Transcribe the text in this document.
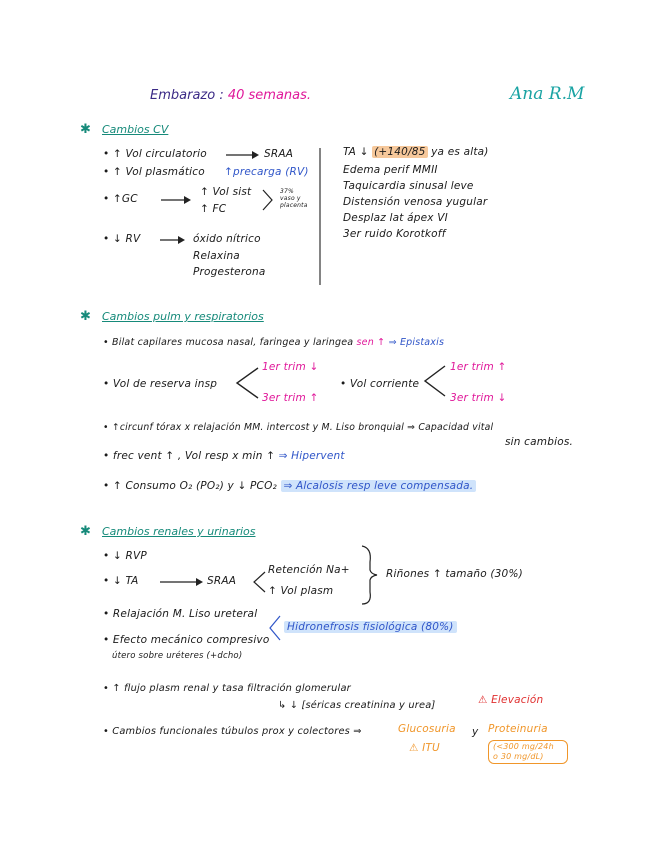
Embarazo : 40 semanas.	Ana R.M
✱ Cambios CV
• ↑ Vol circulatorio	SRAA
• ↑ Vol plasmático ↑precarga (RV)
• ↑GC
↑ Vol sist
↑ FC
37% vaso y placenta
• ↓ RV	óxido nítrico
Relaxina
Progesterona
TA ↓ (+140/85 ya es alta)
Edema perif MMII
Taquicardia sinusal leve
Distensión venosa yugular
Desplaz lat ápex VI
3er ruido Korotkoff
✱ Cambios pulm y respiratorios
• Bilat capilares mucosa nasal, faringea y laringea sen ↑ ⇒ Epistaxis
• Vol de reserva insp
1er trim ↓
3er trim ↑
• Vol corriente
1er trim ↑
3er trim ↓
• ↑circunf tórax x relajación MM. intercost y M. Liso bronquial ⇒ Capacidad vital
sin cambios.
• frec vent ↑ , Vol resp x min ↑ ⇒ Hipervent
• ↑ Consumo O₂ (PO₂) y ↓ PCO₂ ⇒ Alcalosis resp leve compensada.
✱ Cambios renales y urinarios
• ↓ RVP
• ↓ TA	SRAA
Retención Na+
↑ Vol plasm
Riñones ↑ tamaño (30%)
• Relajación M. Liso ureteral
• Efecto mecánico compresivo
útero sobre uréteres (+dcho)
Hidronefrosis fisiológica (80%)
• ↑ flujo plasm renal y tasa filtración glomerular
↳ ↓ [séricas creatinina y urea]	⚠ Elevación
• Cambios funcionales túbulos prox y colectores ⇒	Glucosuria y Proteinuria
⚠ ITU	(<300 mg/24h
o 30 mg/dL)
